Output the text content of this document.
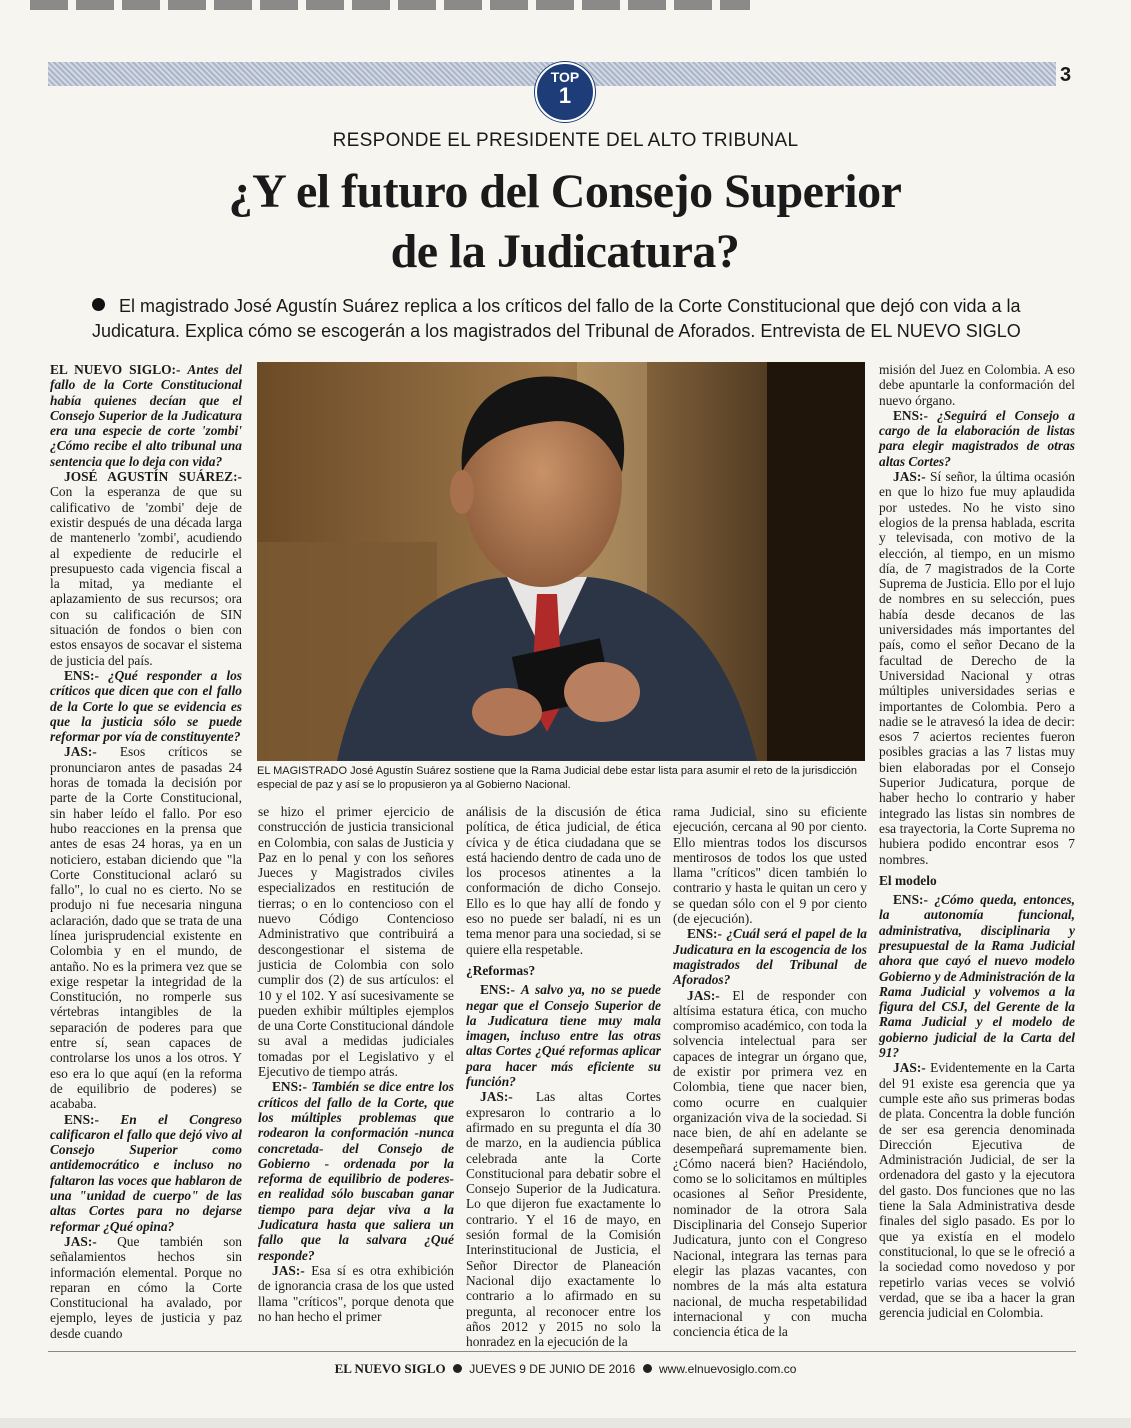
TOP
1
3
RESPONDE EL PRESIDENTE DEL ALTO TRIBUNAL
¿Y el futuro del Consejo Superior
de la Judicatura?
El magistrado José Agustín Suárez replica a los críticos del fallo de la Corte Constitucional que dejó con vida a la Judicatura. Explica cómo se escogerán a los magistrados del Tribunal de Aforados. Entrevista de EL NUEVO SIGLO

EL NUEVO SIGLO:- Antes del fallo de la Corte Constitucional había quienes decían que el Consejo Superior de la Judicatura era una especie de corte 'zombi' ¿Cómo recibe el alto tribunal una sentencia que lo deja con vida?

JOSÉ AGUSTÍN SUÁREZ:- Con la esperanza de que su calificativo de 'zombi' deje de existir después de una década larga de mantenerlo 'zombi', acudiendo al expediente de reducirle el presupuesto cada vigencia fiscal a la mitad, ya mediante el aplazamiento de sus recursos; ora con su calificación de SIN situación de fondos o bien con estos ensayos de socavar el sistema de justicia del país.

ENS:- ¿Qué responder a los críticos que dicen que con el fallo de la Corte lo que se evidencia es que la justicia sólo se puede reformar por vía de constituyente?

JAS:- Esos críticos se pronunciaron antes de pasadas 24 horas de tomada la decisión por parte de la Corte Constitucional, sin haber leído el fallo. Por eso hubo reacciones en la prensa que antes de esas 24 horas, ya en un noticiero, estaban diciendo que "la Corte Constitucional aclaró su fallo", lo cual no es cierto. No se produjo ni fue necesaria ninguna aclaración, dado que se trata de una línea jurisprudencial existente en Colombia y en el mundo, de antaño. No es la primera vez que se exige respetar la integridad de la Constitución, no romperle sus vértebras intangibles de la separación de poderes para que entre sí, sean capaces de controlarse los unos a los otros. Y eso era lo que aquí (en la reforma de equilibrio de poderes) se acababa.

ENS:- En el Congreso calificaron el fallo que dejó vivo al Consejo Superior como antidemocrático e incluso no faltaron las voces que hablaron de una "unidad de cuerpo" de las altas Cortes para no dejarse reformar ¿Qué opina?

JAS:- Que también son señalamientos hechos sin información elemental. Porque no reparan en cómo la Corte Constitucional ha avalado, por ejemplo, leyes de justicia y paz desde cuando

EL MAGISTRADO José Agustín Suárez sostiene que la Rama Judicial debe estar lista para asumir el reto de la jurisdicción especial de paz y así se lo propusieron ya al Gobierno Nacional.

se hizo el primer ejercicio de construcción de justicia transicional en Colombia, con salas de Justicia y Paz en lo penal y con los señores Jueces y Magistrados civiles especializados en restitución de tierras; o en lo contencioso con el nuevo Código Contencioso Administrativo que contribuirá a descongestionar el sistema de justicia de Colombia con solo cumplir dos (2) de sus artículos: el 10 y el 102. Y así sucesivamente se pueden exhibir múltiples ejemplos de una Corte Constitucional dándole su aval a medidas judiciales tomadas por el Legislativo y el Ejecutivo de tiempo atrás.

ENS:- También se dice entre los críticos del fallo de la Corte, que los múltiples problemas que rodearon la conformación -nunca concretada- del Consejo de Gobierno - ordenada por la reforma de equilibrio de poderes- en realidad sólo buscaban ganar tiempo para dejar viva a la Judicatura hasta que saliera un fallo que la salvara ¿Qué responde?

JAS:- Esa sí es otra exhibición de ignorancia crasa de los que usted llama "críticos", porque denota que no han hecho el primer

análisis de la discusión de ética política, de ética judicial, de ética cívica y de ética ciudadana que se está haciendo dentro de cada uno de los procesos atinentes a la conformación de dicho Consejo. Ello es lo que hay allí de fondo y eso no puede ser baladí, ni es un tema menor para una sociedad, si se quiere ella respetable.

¿Reformas?

ENS:- A salvo ya, no se puede negar que el Consejo Superior de la Judicatura tiene muy mala imagen, incluso entre las otras altas Cortes ¿Qué reformas aplicar para hacer más eficiente su función?

JAS:- Las altas Cortes expresaron lo contrario a lo afirmado en su pregunta el día 30 de marzo, en la audiencia pública celebrada ante la Corte Constitucional para debatir sobre el Consejo Superior de la Judicatura. Lo que dijeron fue exactamente lo contrario. Y el 16 de mayo, en sesión formal de la Comisión Interinstitucional de Justicia, el Señor Director de Planeación Nacional dijo exactamente lo contrario a lo afirmado en su pregunta, al reconocer entre los años 2012 y 2015 no solo la honradez en la ejecución de la

rama Judicial, sino su eficiente ejecución, cercana al 90 por ciento. Ello mientras todos los discursos mentirosos de todos los que usted llama "críticos" dicen también lo contrario y hasta le quitan un cero y se quedan sólo con el 9 por ciento (de ejecución).

ENS:- ¿Cuál será el papel de la Judicatura en la escogencia de los magistrados del Tribunal de Aforados?

JAS:- El de responder con altísima estatura ética, con mucho compromiso académico, con toda la solvencia intelectual para ser capaces de integrar un órgano que, de existir por primera vez en Colombia, tiene que nacer bien, como ocurre en cualquier organización viva de la sociedad. Si nace bien, de ahí en adelante se desempeñará supremamente bien. ¿Cómo nacerá bien? Haciéndolo, como se lo solicitamos en múltiples ocasiones al Señor Presidente, nominador de la otrora Sala Disciplinaria del Consejo Superior Judicatura, junto con el Congreso Nacional, integrara las ternas para elegir las plazas vacantes, con nombres de la más alta estatura nacional, de mucha respetabilidad internacional y con mucha conciencia ética de la

misión del Juez en Colombia. A eso debe apuntarle la conformación del nuevo órgano.

ENS:- ¿Seguirá el Consejo a cargo de la elaboración de listas para elegir magistrados de otras altas Cortes?

JAS:- Sí señor, la última ocasión en que lo hizo fue muy aplaudida por ustedes. No he visto sino elogios de la prensa hablada, escrita y televisada, con motivo de la elección, al tiempo, en un mismo día, de 7 magistrados de la Corte Suprema de Justicia. Ello por el lujo de nombres en su selección, pues había desde decanos de las universidades más importantes del país, como el señor Decano de la facultad de Derecho de la Universidad Nacional y otras múltiples universidades serias e importantes de Colombia. Pero a nadie se le atravesó la idea de decir: esos 7 aciertos recientes fueron posibles gracias a las 7 listas muy bien elaboradas por el Consejo Superior Judicatura, porque de haber hecho lo contrario y haber integrado las listas sin nombres de esa trayectoria, la Corte Suprema no hubiera podido encontrar esos 7 nombres.

El modelo

ENS:- ¿Cómo queda, entonces, la autonomía funcional, administrativa, disciplinaria y presupuestal de la Rama Judicial ahora que cayó el nuevo modelo Gobierno y de Administración de la Rama Judicial y volvemos a la figura del CSJ, del Gerente de la Rama Judicial y el modelo de gobierno judicial de la Carta del 91?

JAS:- Evidentemente en la Carta del 91 existe esa gerencia que ya cumple este año sus primeras bodas de plata. Concentra la doble función de ser esa gerencia denominada Dirección Ejecutiva de Administración Judicial, de ser la ordenadora del gasto y la ejecutora del gasto. Dos funciones que no las tiene la Sala Administrativa desde finales del siglo pasado. Es por lo que ya existía en el modelo constitucional, lo que se le ofreció a la sociedad como novedoso y por repetirlo varias veces se volvió verdad, que se iba a hacer la gran gerencia judicial en Colombia.

EL NUEVO SIGLO JUEVES 9 DE JUNIO DE 2016 www.elnuevosiglo.com.co
